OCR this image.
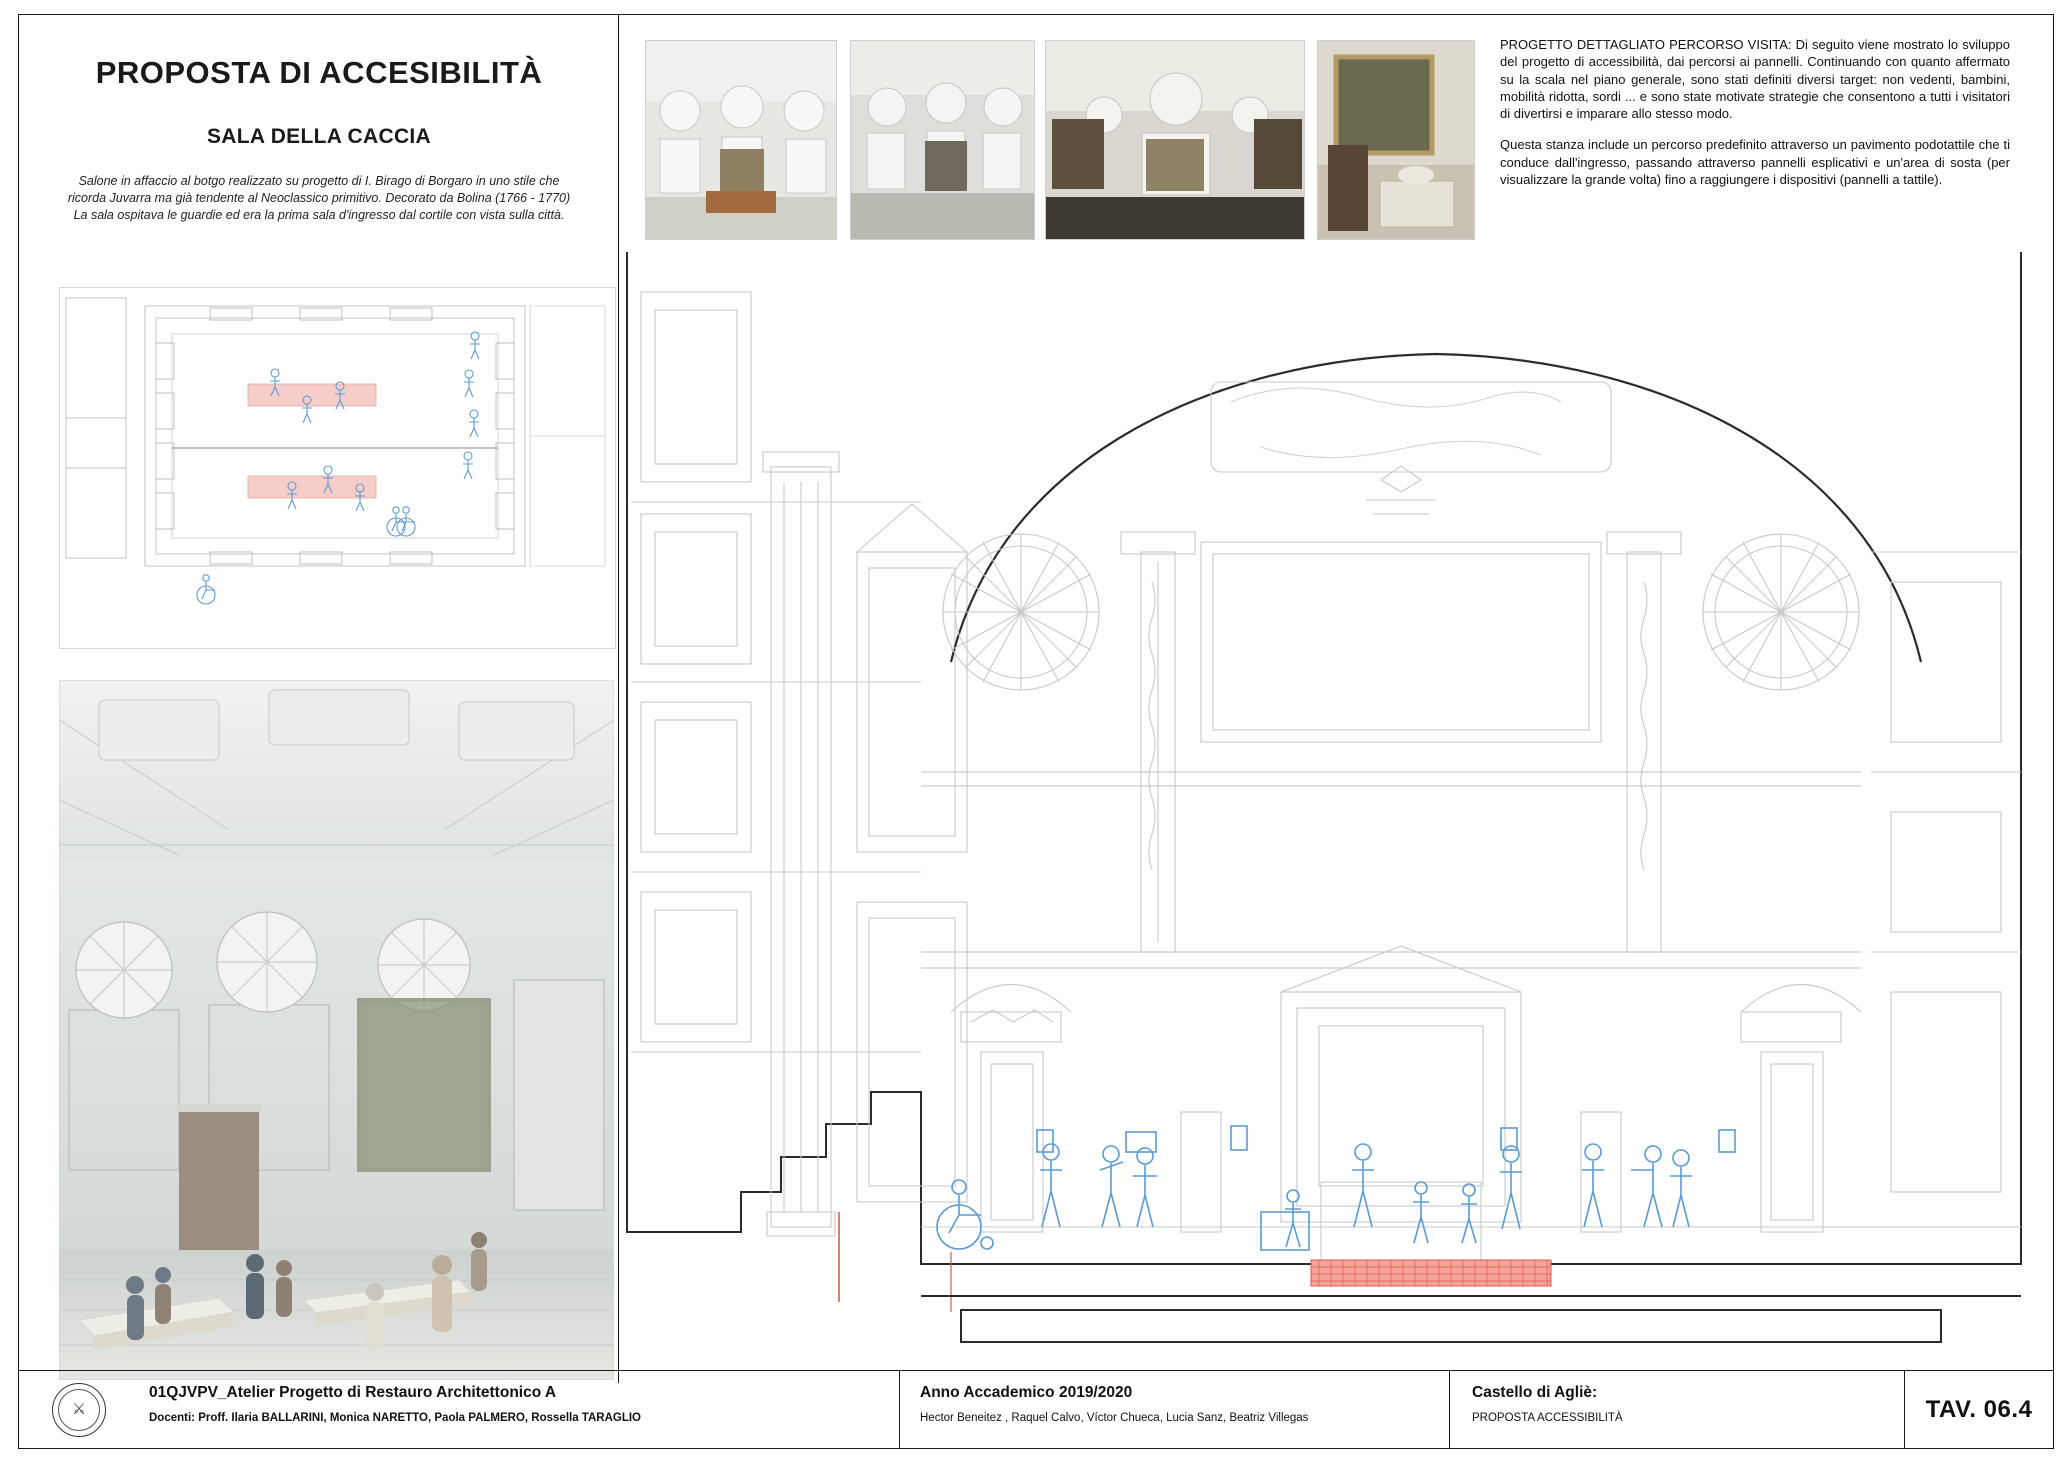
PROPOSTA DI ACCESIBILITÀ
SALA DELLA CACCIA
Salone in affaccio al botgo realizzato su progetto di I. Birago di Borgaro in uno stile che ricorda Juvarra ma già tendente al Neoclassico primitivo. Decorato da Bolina (1766 - 1770) La sala ospitava le guardie ed era la prima sala d'ingresso dal cortile con vista sulla città.

PROGETTO DETTAGLIATO PERCORSO VISITA: Di seguito viene mostrato lo sviluppo del progetto di accessibilità, dai percorsi ai pannelli. Continuando con quanto affermato su la scala nel piano generale, sono stati definiti diversi target: non vedenti, bambini, mobilità ridotta, sordi ... e sono state motivate strategie che consentono a tutti i visitatori di divertirsi e imparare allo stesso modo.

Questa stanza include un percorso predefinito attraverso un pavimento podotattile che ti conduce dall'ingresso, passando attraverso pannelli esplicativi e un'area di sosta (per visualizzare la grande volta) fino a raggiungere i dispositivi (pannelli a tattile).

⚔
01QJVPV_Atelier Progetto di Restauro Architettonico A
Docenti: Proff. Ilaria BALLARINI, Monica NARETTO, Paola PALMERO, Rossella TARAGLIO
Anno Accademico 2019/2020
Hector Beneitez , Raquel Calvo, Víctor Chueca, Lucia Sanz, Beatriz Villegas
Castello di Agliè:
PROPOSTA ACCESSIBILITÀ	TAV. 06.4
